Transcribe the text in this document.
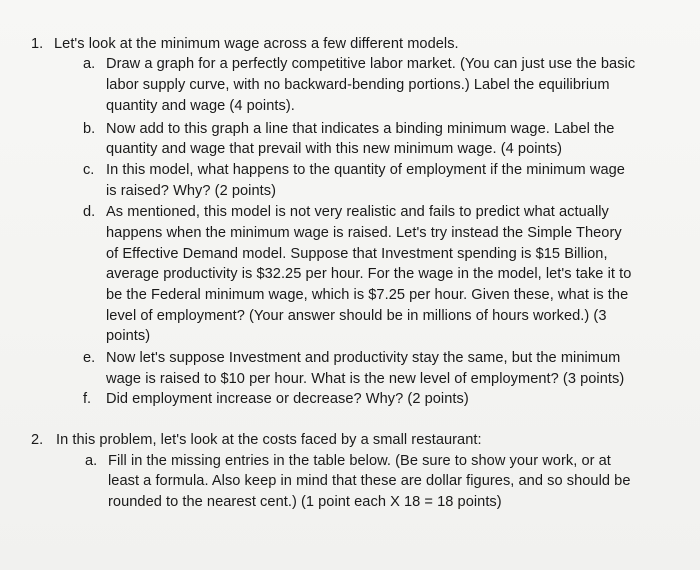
1. Let's look at the minimum wage across a few different models.
a. Draw a graph for a perfectly competitive labor market. (You can just use the basic
labor supply curve, with no backward-bending portions.) Label the equilibrium
quantity and wage (4 points).
b. Now add to this graph a line that indicates a binding minimum wage. Label the
quantity and wage that prevail with this new minimum wage. (4 points)
c. In this model, what happens to the quantity of employment if the minimum wage
is raised? Why? (2 points)
d. As mentioned, this model is not very realistic and fails to predict what actually
happens when the minimum wage is raised. Let's try instead the Simple Theory
of Effective Demand model. Suppose that Investment spending is $15 Billion,
average productivity is $32.25 per hour. For the wage in the model, let's take it to
be the Federal minimum wage, which is $7.25 per hour. Given these, what is the
level of employment? (Your answer should be in millions of hours worked.) (3
points)
e. Now let's suppose Investment and productivity stay the same, but the minimum
wage is raised to $10 per hour. What is the new level of employment? (3 points)
f. Did employment increase or decrease? Why? (2 points)
2. In this problem, let's look at the costs faced by a small restaurant:
a. Fill in the missing entries in the table below. (Be sure to show your work, or at
least a formula. Also keep in mind that these are dollar figures, and so should be
rounded to the nearest cent.) (1 point each X 18 = 18 points)
